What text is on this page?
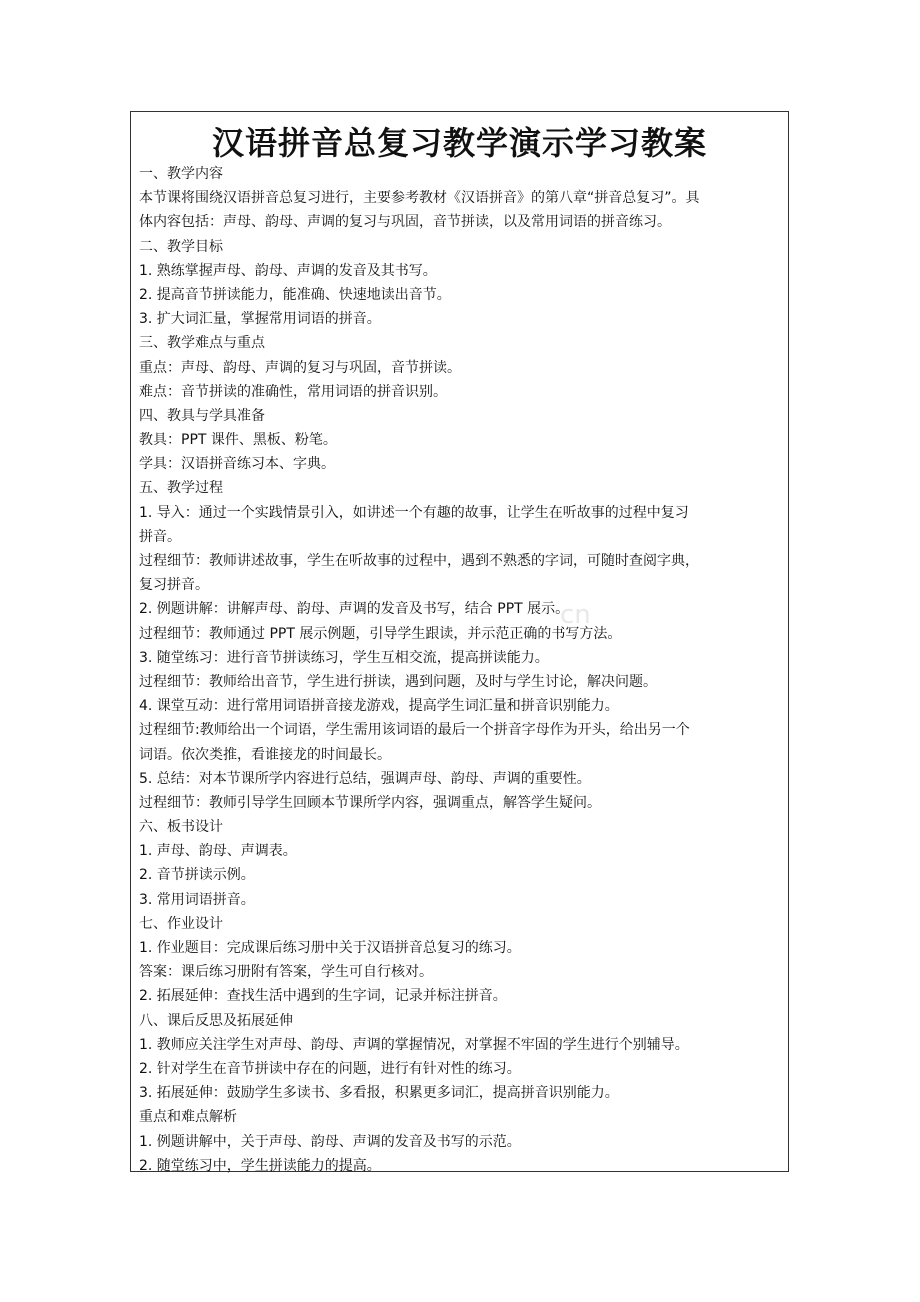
汉语拼音总复习教学演示学习教案
一、教学内容
本节课将围绕汉语拼音总复习进行，主要参考教材《汉语拼音》的第八章“拼音总复习”。具
体内容包括：声母、韵母、声调的复习与巩固，音节拼读，以及常用词语的拼音练习。
二、教学目标
1. 熟练掌握声母、韵母、声调的发音及其书写。
2. 提高音节拼读能力，能准确、快速地读出音节。
3. 扩大词汇量，掌握常用词语的拼音。
三、教学难点与重点
重点：声母、韵母、声调的复习与巩固，音节拼读。
难点：音节拼读的准确性，常用词语的拼音识别。
四、教具与学具准备
教具：PPT 课件、黑板、粉笔。
学具：汉语拼音练习本、字典。
五、教学过程
1. 导入：通过一个实践情景引入，如讲述一个有趣的故事，让学生在听故事的过程中复习
拼音。
过程细节：教师讲述故事，学生在听故事的过程中，遇到不熟悉的字词，可随时查阅字典，
复习拼音。
2. 例题讲解：讲解声母、韵母、声调的发音及书写，结合 PPT 展示。
过程细节：教师通过 PPT 展示例题，引导学生跟读，并示范正确的书写方法。
3. 随堂练习：进行音节拼读练习，学生互相交流，提高拼读能力。
过程细节：教师给出音节，学生进行拼读，遇到问题，及时与学生讨论，解决问题。
4. 课堂互动：进行常用词语拼音接龙游戏，提高学生词汇量和拼音识别能力。
过程细节:教师给出一个词语，学生需用该词语的最后一个拼音字母作为开头，给出另一个
词语。依次类推，看谁接龙的时间最长。
5. 总结：对本节课所学内容进行总结，强调声母、韵母、声调的重要性。
过程细节：教师引导学生回顾本节课所学内容，强调重点，解答学生疑问。
六、板书设计
1. 声母、韵母、声调表。
2. 音节拼读示例。
3. 常用词语拼音。
七、作业设计
1. 作业题目：完成课后练习册中关于汉语拼音总复习的练习。
答案：课后练习册附有答案，学生可自行核对。
2. 拓展延伸：查找生活中遇到的生字词，记录并标注拼音。
八、课后反思及拓展延伸
1. 教师应关注学生对声母、韵母、声调的掌握情况，对掌握不牢固的学生进行个别辅导。
2. 针对学生在音节拼读中存在的问题，进行有针对性的练习。
3. 拓展延伸：鼓励学生多读书、多看报，积累更多词汇，提高拼音识别能力。
重点和难点解析
1. 例题讲解中，关于声母、韵母、声调的发音及书写的示范。
2. 随堂练习中，学生拼读能力的提高。
cn
